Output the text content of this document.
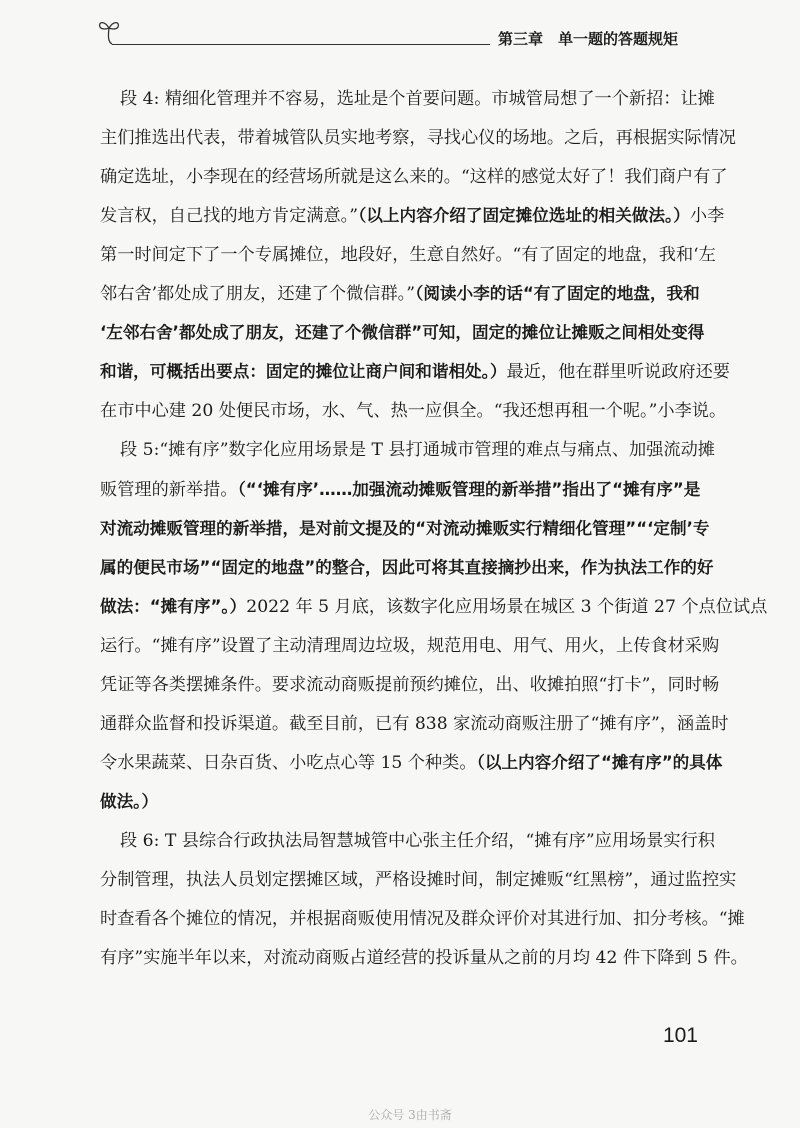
第三章　单一题的答题规矩
段 4: 精细化管理并不容易，选址是个首要问题。市城管局想了一个新招：让摊
主们推选出代表，带着城管队员实地考察，寻找心仪的场地。之后，再根据实际情况
确定选址，小李现在的经营场所就是这么来的。“这样的感觉太好了！我们商户有了
发言权，自己找的地方肯定满意。”（以上内容介绍了固定摊位选址的相关做法。）小李
第一时间定下了一个专属摊位，地段好，生意自然好。“有了固定的地盘，我和‘左
邻右舍’都处成了朋友，还建了个微信群。”（阅读小李的话“有了固定的地盘，我和
‘左邻右舍’都处成了朋友，还建了个微信群”可知，固定的摊位让摊贩之间相处变得
和谐，可概括出要点：固定的摊位让商户间和谐相处。）最近，他在群里听说政府还要
在市中心建 20 处便民市场，水、气、热一应俱全。“我还想再租一个呢。”小李说。
段 5:“摊有序”数字化应用场景是 T 县打通城市管理的难点与痛点、加强流动摊
贩管理的新举措。（“‘摊有序’……加强流动摊贩管理的新举措”指出了“摊有序”是
对流动摊贩管理的新举措，是对前文提及的“对流动摊贩实行精细化管理”“‘定制’专
属的便民市场”“固定的地盘”的整合，因此可将其直接摘抄出来，作为执法工作的好
做法：“摊有序”。）2022 年 5 月底，该数字化应用场景在城区 3 个街道 27 个点位试点
运行。“摊有序”设置了主动清理周边垃圾，规范用电、用气、用火，上传食材采购
凭证等各类摆摊条件。要求流动商贩提前预约摊位，出、收摊拍照“打卡”，同时畅
通群众监督和投诉渠道。截至目前，已有 838 家流动商贩注册了“摊有序”，涵盖时
令水果蔬菜、日杂百货、小吃点心等 15 个种类。（以上内容介绍了“摊有序”的具体
做法。）
段 6: T 县综合行政执法局智慧城管中心张主任介绍，“摊有序”应用场景实行积
分制管理，执法人员划定摆摊区域，严格设摊时间，制定摊贩“红黑榜”，通过监控实
时查看各个摊位的情况，并根据商贩使用情况及群众评价对其进行加、扣分考核。“摊
有序”实施半年以来，对流动商贩占道经营的投诉量从之前的月均 42 件下降到 5 件。
101
公众号 3由书斋
